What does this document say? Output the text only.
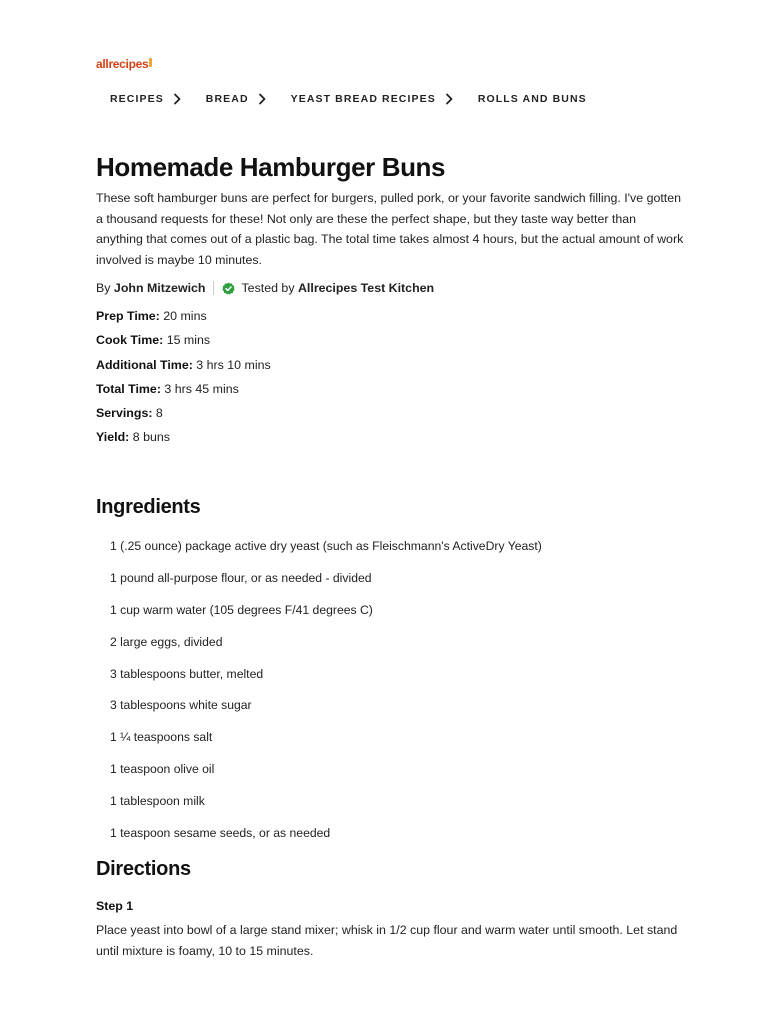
allrecipes
RECIPES	BREAD	YEAST BREAD RECIPES	ROLLS AND BUNS
Homemade Hamburger Buns

These soft hamburger buns are perfect for burgers, pulled pork, or your favorite sandwich filling. I've gotten a thousand requests for these! Not only are these the perfect shape, but they taste way better than anything that comes out of a plastic bag. The total time takes almost 4 hours, but the actual amount of work involved is maybe 10 minutes.

By
John Mitzewich	Tested by
Allrecipes Test Kitchen
Prep Time: 20 mins
Cook Time: 15 mins
Additional Time: 3 hrs 10 mins
Total Time: 3 hrs 45 mins
Servings: 8
Yield: 8 buns
Ingredients
1 (.25 ounce) package active dry yeast (such as Fleischmann's ActiveDry Yeast)
1 pound all-purpose flour, or as needed - divided
1 cup warm water (105 degrees F/41 degrees C)
2 large eggs, divided
3 tablespoons butter, melted
3 tablespoons white sugar
1 ¼ teaspoons salt
1 teaspoon olive oil
1 tablespoon milk
1 teaspoon sesame seeds, or as needed
Directions
Step 1

Place yeast into bowl of a large stand mixer; whisk in 1/2 cup flour and warm water until smooth. Let stand until mixture is foamy, 10 to 15 minutes.
